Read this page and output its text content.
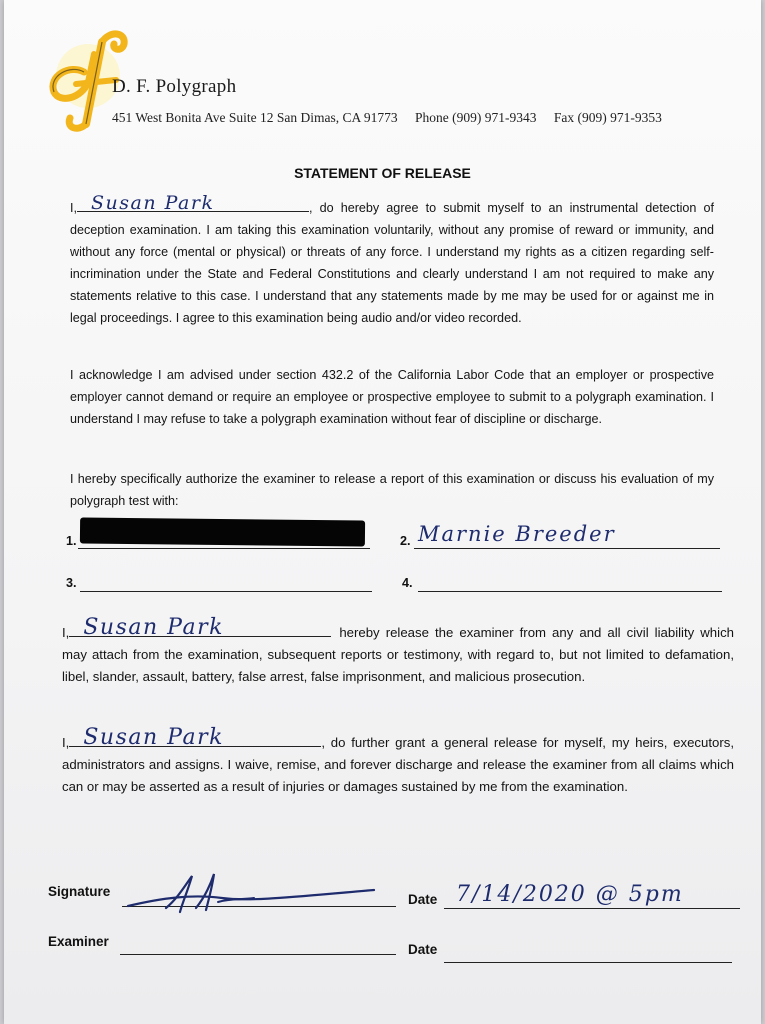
D. F. Polygraph
451 West Bonita Ave Suite 12 San Dimas, CA 91773 Phone (909) 971-9343 Fax (909) 971-9353
STATEMENT OF RELEASE
I, Susan Park	, do hereby agree to submit myself to an instrumental detection of deception examination. I am taking this examination voluntarily, without any promise of reward or immunity, and without any force (mental or physical) or threats of any force. I understand my rights as a citizen regarding self-incrimination under the State and Federal Constitutions and clearly understand I am not required to make any statements relative to this case. I understand that any statements made by me may be used for or against me in legal proceedings. I agree to this examination being audio and/or video recorded.
I acknowledge I am advised under section 432.2 of the California Labor Code that an employer or prospective employer cannot demand or require an employee or prospective employee to submit to a polygraph examination. I understand I may refuse to take a polygraph examination without fear of discipline or discharge.
I hereby specifically authorize the examiner to release a report of this examination or discuss his evaluation of my polygraph test with:
1.	2. Marnie Breeder
3.	4.
I, Susan Park	hereby release the examiner from any and all civil liability which may attach from the examination, subsequent reports or testimony, with regard to, but not limited to defamation, libel, slander, assault, battery, false arrest, false imprisonment, and malicious prosecution.
I, Susan Park	, do further grant a general release for myself, my heirs, executors, administrators and assigns. I waive, remise, and forever discharge and release the examiner from all claims which can or may be asserted as a result of injuries or damages sustained by me from the examination.
Signature
Date 7/14/2020 @ 5pm
Examiner
Date
